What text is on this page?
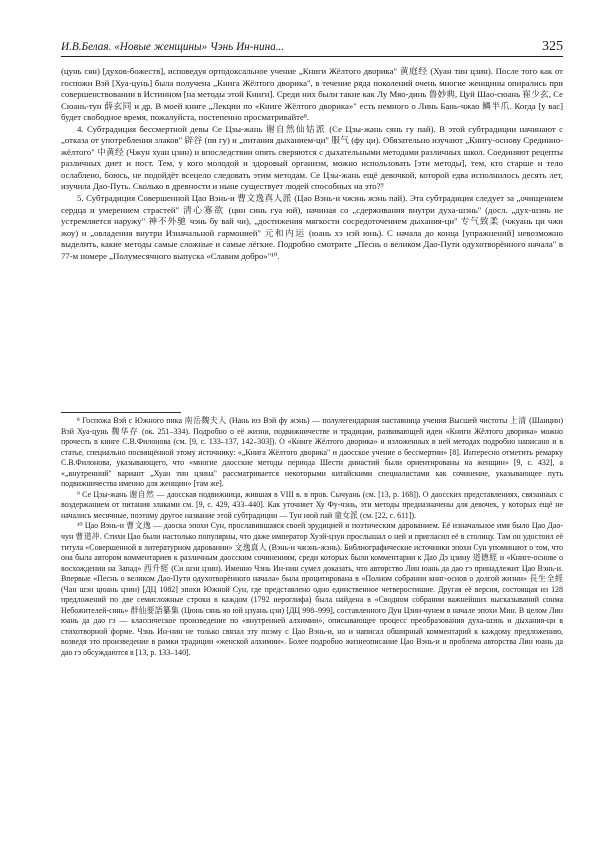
И.В.Белая. «Новые женщины» Чэнь Ин-нина...	325

(цунь сян) [духов-божеств], исповедуя ортодоксальное учение „Книги Жёлтого дворика" 黄庭经 (Хуан тин цзин). После того как от госпожи Вэй [Хуа-цунь] была получена „Книга Жёлтого дворика", в течение ряда поколений очень многие женщины опирались при совершенствовании в Истинном [на методы этой Книги]. Среди них были такие как Лу Мяо-динь 鲁妙典, Цуй Шао-сюань 崔少玄, Се Сюань-тун 薛玄同 и др. В моей книге „Лекции по «Книге Жёлтого дворика»" есть немного о Линь Бань-чжао 鳞半爪. Когда [у вас] будет свободное время, пожалуйста, постепенно просматривайте⁸.

4. Субтрадиция бессмертной девы Се Цзы-жань 谢自然仙姑派 (Се Цзы-жань сянь гу пай). В этой субтрадиции начинают с „отказа от употребления злаков" 辟谷 (пи гу) и „питания дыханием-ци" 服气 (фу ци). Обязательно изучают „Книгу-основу Срединно-жёлтого" 中黄经 (Чжун хуан цзин) и впоследствии опять сверяются с дыхательными методами различных школ. Соединяют рецепты различных диет и пост. Тем, у кого молодой и здоровый организм, можно использовать [эти методы], тем, кто старше и тело ослаблено, боюсь, не подойдёт всецело следовать этим методам. Се Цзы-жань ещё девочкой, которой едва исполнилось десять лет, изучила Дао-Путь. Сколько в древности и ныне существует людей способных на это?⁹

5. Субтрадиция Совершенной Цао Вэнь-и 曹文逸真人派 (Цао Вэнь-и чжэнь жэнь пай). Эта субтрадиция следует за „очищением сердца и умерением страстей" 清心寡欲 (цин синь гуа юй), начиная со „сдерживания внутри духа-шэнь" (досл. „дух-шэнь не устремляется наружу" 神不外驰 чэнь бу вай чи), „достижения мягкости сосредоточением дыхания-ци" 专气致柔 (чжуань ци чжи жоу) и „овладения внутри Изначальной гармонией" 元和内运 (юань хэ нэй юнь). С начала до конца [упражнений] невозможно выделить, какие методы самые сложные и самые лёгкие. Подробно смотрите „Песнь о великом Дао-Пути одухотворённого начала" в 77-м номере „Полумесячного выпуска «Славим добро»"¹⁰.

⁸ Госпожа Вэй с Южного пика 南岳魏夫人 (Нань юэ Вэй фу жэнь) — полулегендарная наставница учения Высшей чистоты 上清 (Шанцин) Вэй Хуа-цунь 魏华存 (ок. 251–334). Подробно о её жизни, подвижничестве и традиции, развивающей идеи «Книги Жёлтого дворика» можно прочесть в книге С.В.Филонова (см. [9, с. 133–137, 142–303]). О «Книге Жёлтого дворика» и изложенных в ней методах подробно написано и в статье, специально посвящённой этому источнику: «„Книга Жёлтого дворика" и даосское учение о бессмертии» [8]. Интересно отметить ремарку С.В.Филонова, указывающего, что «многие даосские методы периода Шести династий были ориентированы на женщин» [9, с. 432], а «„внутренний" вариант „Хуан тин цзина" рассматривается некоторыми китайскими специалистами как сочинение, указывающее путь подвижничества именно для женщин» [там же].

⁹ Се Цзы-жань 谢自然 — даосская подвижница, жившая в VIII в. в пров. Сычуань (см. [13, р. 168]). О даосских представлениях, связанных с воздержанием от питания злаками см. [9, с. 429, 433–440]. Как уточняет Ху Фу-чэнь, эти методы предназначены для девочек, у которых ещё не начались месячные, поэтому другое название этой субтрадиции — Тун нюй пай 童女派 (см. [22, с. 611]).

¹⁰ Цао Вэнь-и 曹文逸 — даоска эпохи Сун, прославившаяся своей эрудицией и поэтическим дарованием. Её изначальное имя было Цао Дао-чун 曹道冲. Стихи Цао были настолько популярны, что даже император Хуэй-цзун прослышал о ней и пригласил её в столицу. Там он удостоил её титула «Совершенной в литературном даровании» 文逸真人 (Вэнь-и чжэнь-жэнь). Библиографические источники эпохи Сун упоминают о том, что она была автором комментариев к различным даосским сочинениям, среди которых были комментарии к Дао Дэ цзину 道德經 и «Книге-основе о восхождении на Запад» 西升經 (Си шэн цзин). Именно Чэнь Ин-нин сумел доказать, что авторство Лин юань да дао гэ принадлежит Цао Вэнь-и. Впервые «Песнь о великом Дао-Пути одухотворённого начала» была процитирована в «Полном собрании книг-основ о долгой жизни» 長生全經 (Чан шэн цюань цзин) [ДЦ 1082] эпохи Южной Сун, где представлено одно единственное четверостишие. Другая её версия, состоящая из 128 предложений по две семисложные строки в каждом (1792 иероглифа) была найдена в «Сводном собрании важнейших высказываний сонма Небожителей-сянь» 群仙要語纂集 (Цюнь сянь яо юй цзуань цзи) [ДЦ 998–999], составленного Дун Цзин-чунем в начале эпохи Мин. В целом Лин юань да дао гэ — классическое произведение по «внутренней алхимии», описывающее процесс преобразования духа-шэнь и дыхания-ци в стихотворной форме. Чэнь Ин-нин не только связал эту поэму с Цао Вэнь-и, но и написал обширный комментарий к каждому предложению, возведя это произведение в рамки традиции «женской алхимии». Более подробно жизнеописание Цао Вэнь-и и проблема авторства Лин юань да дао гэ обсуждаются в [13, р. 133–140].
